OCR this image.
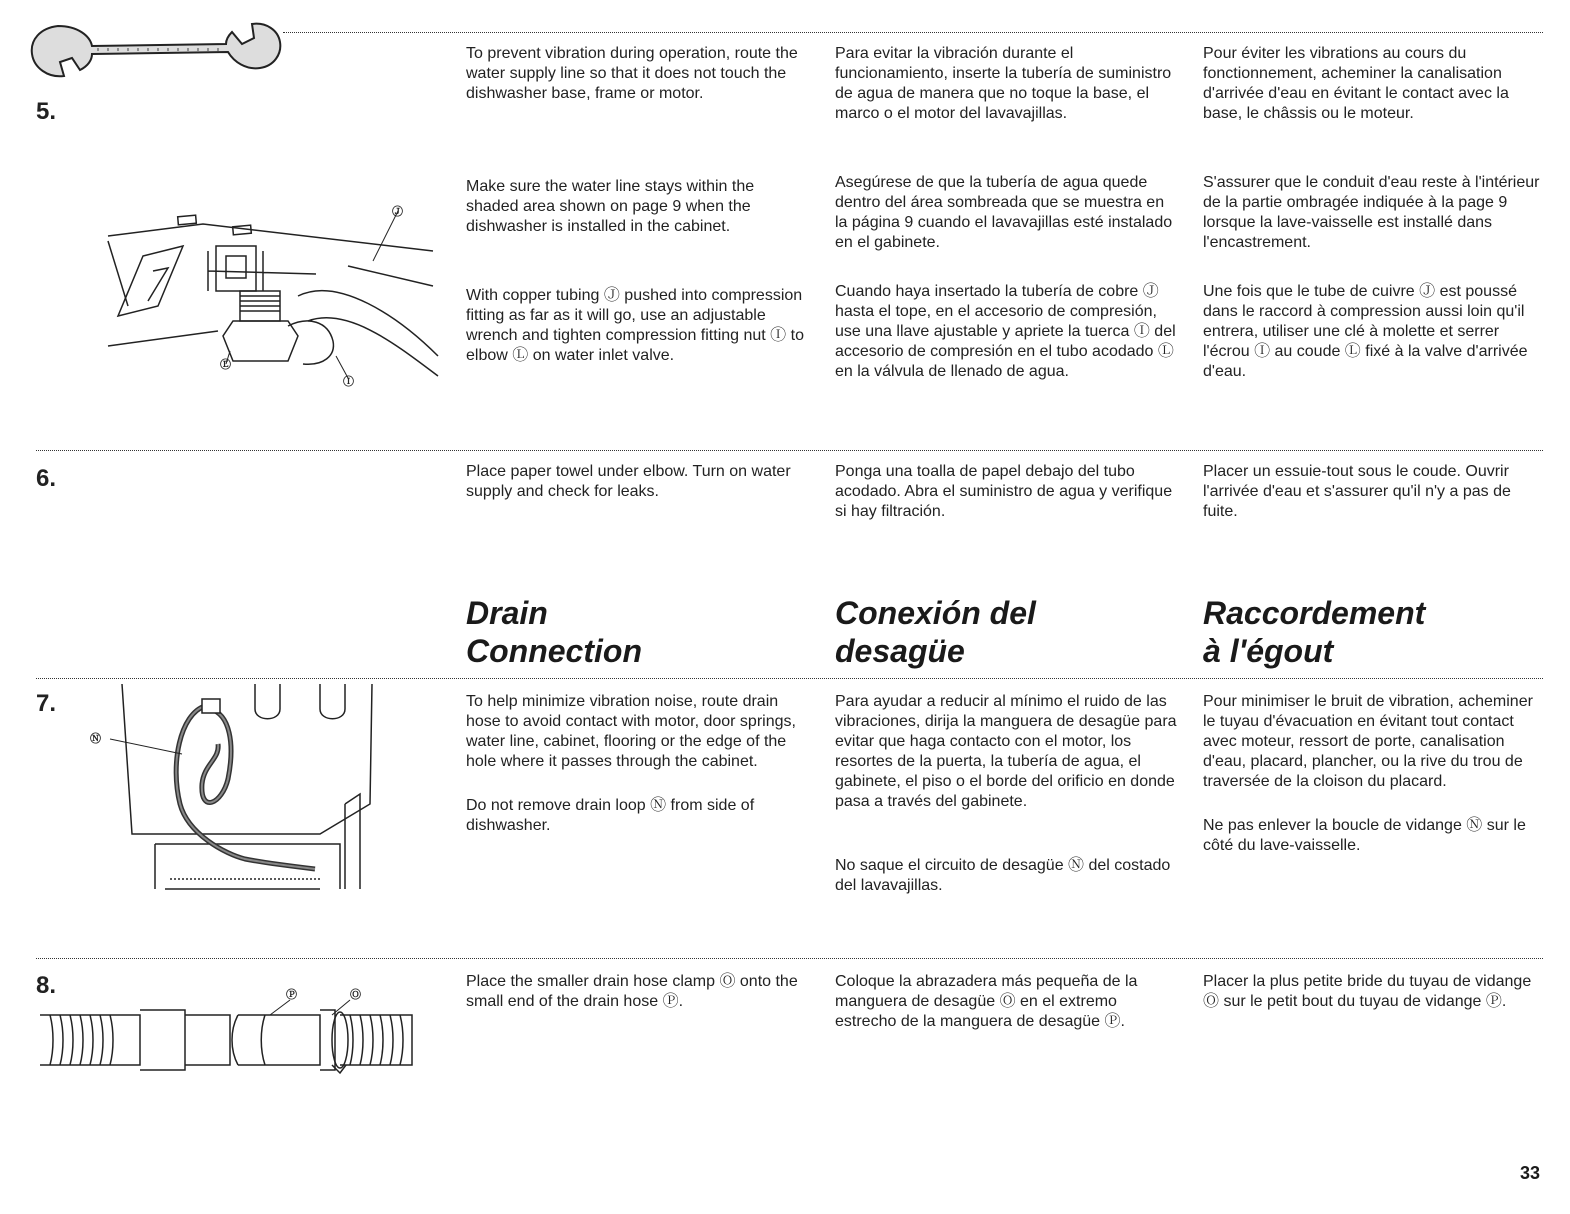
5.

To prevent vibration during operation, route the water supply line so that it does not touch the dishwasher base, frame or motor.

Para evitar la vibración durante el funcionamiento, inserte la tubería de suministro de agua de manera que no toque la base, el marco o el motor del lavavajillas.

Pour éviter les vibrations au cours du fonctionnement, acheminer la canalisation d'arrivée d'eau en évitant le contact avec la base, le châssis ou le moteur.

Make sure the water line stays within the shaded area shown on page 9 when the dishwasher is installed in the cabinet.

Asegúrese de que la tubería de agua quede dentro del área sombreada que se muestra en la página 9 cuando el lavavajillas esté instalado en el gabinete.

S'assurer que le conduit d'eau reste à l'intérieur de la partie ombragée indiquée à la page 9 lorsque la lave-vaisselle est installé dans l'encastrement.

With copper tubing Ⓙ pushed into compression fitting as far as it will go, use an adjustable wrench and tighten compression fitting nut Ⓘ to elbow Ⓛ on water inlet valve.

Cuando haya insertado la tubería de cobre Ⓙ hasta el tope, en el accesorio de compresión, use una llave ajustable y apriete la tuerca Ⓘ del accesorio de compresión en el tubo acodado Ⓛ en la válvula de llenado de agua.

Une fois que le tube de cuivre Ⓙ est poussé dans le raccord à compression aussi loin qu'il entrera, utiliser une clé à molette et serrer l'écrou Ⓘ au coude Ⓛ fixé à la valve d'arrivée d'eau.

Ⓙ
Ⓛ
Ⓘ
6.	Place paper towel under elbow. Turn on water supply and check for leaks.

Ponga una toalla de papel debajo del tubo acodado. Abra el suministro de agua y verifique si hay filtración.

Placer un essuie-tout sous le coude. Ouvrir l'arrivée d'eau et s'assurer qu'il n'y a pas de fuite.

Drain
Connection
Conexión del
desagüe
Raccordement
à l'égout
7.	To help minimize vibration noise, route drain hose to avoid contact with motor, door springs, water line, cabinet, flooring or the edge of the hole where it passes through the cabinet.

Do not remove drain loop Ⓝ from side of dishwasher.

Para ayudar a reducir al mínimo el ruido de las vibraciones, dirija la manguera de desagüe para evitar que haga contacto con el motor, los resortes de la puerta, la tubería de agua, el gabinete, el piso o el borde del orificio en donde pasa a través del gabinete.

No saque el circuito de desagüe Ⓝ del costado del lavavajillas.

Pour minimiser le bruit de vibration, acheminer le tuyau d'évacuation en évitant tout contact avec moteur, ressort de porte, canalisation d'eau, placard, plancher, ou la rive du trou de traversée de la cloison du placard.

Ne pas enlever la boucle de vidange Ⓝ sur le côté du lave-vaisselle.

Ⓝ
8.	Place the smaller drain hose clamp Ⓞ onto the small end of the drain hose Ⓟ.

Coloque la abrazadera más pequeña de la manguera de desagüe Ⓞ en el extremo estrecho de la manguera de desagüe Ⓟ.

Placer la plus petite bride du tuyau de vidange Ⓞ sur le petit bout du tuyau de vidange Ⓟ.

Ⓟ	Ⓞ
33
